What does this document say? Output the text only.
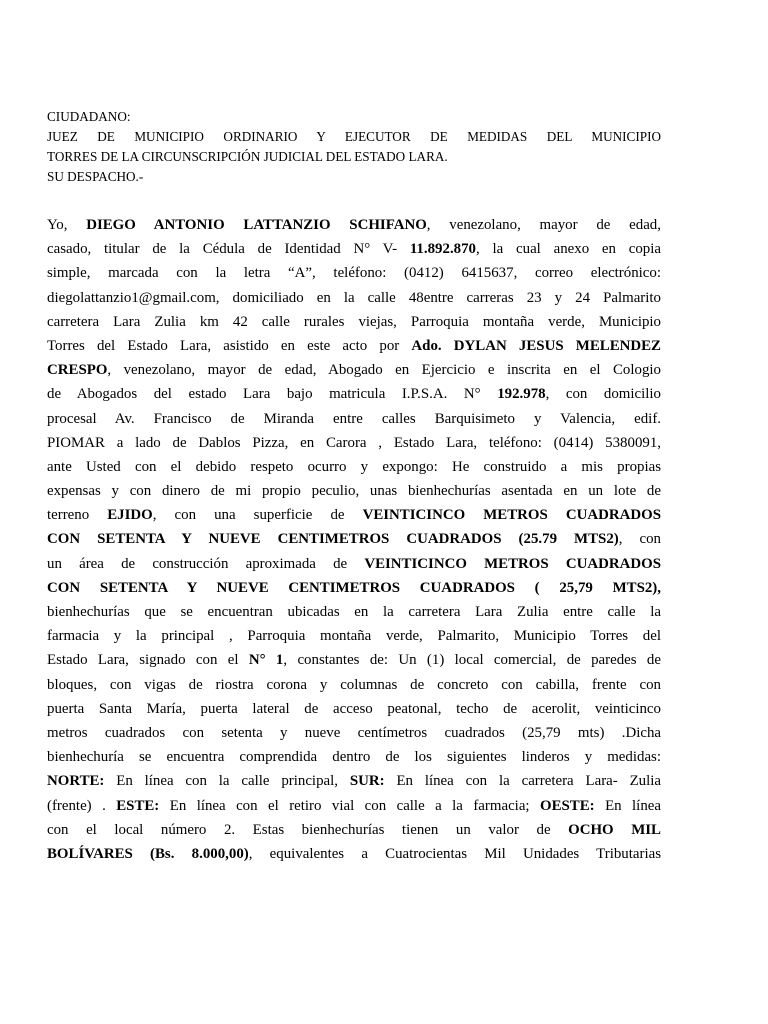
CIUDADANO:

JUEZ DE MUNICIPIO ORDINARIO Y EJECUTOR DE MEDIDAS DEL MUNICIPIO

TORRES DE LA CIRCUNSCRIPCIÓN JUDICIAL DEL ESTADO LARA.

SU DESPACHO.-

Yo, DIEGO ANTONIO LATTANZIO SCHIFANO, venezolano, mayor de edad,
casado, titular de la Cédula de Identidad N° V- 11.892.870, la cual anexo en copia
simple, marcada con la letra “A”, teléfono: (0412) 6415637, correo electrónico:
diegolattanzio1@gmail.com, domiciliado en la calle 48entre carreras 23 y 24 Palmarito
carretera Lara Zulia km 42 calle rurales viejas, Parroquia montaña verde, Municipio
Torres del Estado Lara, asistido en este acto por Ado. DYLAN JESUS MELENDEZ
CRESPO, venezolano, mayor de edad, Abogado en Ejercicio e inscrita en el Cologio
de Abogados del estado Lara bajo matricula I.P.S.A. N° 192.978, con domicilio
procesal Av. Francisco de Miranda entre calles Barquisimeto y Valencia, edif.
PIOMAR a lado de Dablos Pizza, en Carora , Estado Lara, teléfono: (0414) 5380091,
ante Usted con el debido respeto ocurro y expongo: He construido a mis propias
expensas y con dinero de mi propio peculio, unas bienhechurías asentada en un lote de
terreno EJIDO, con una superficie de VEINTICINCO METROS CUADRADOS
CON SETENTA Y NUEVE CENTIMETROS CUADRADOS (25.79 MTS2), con
un área de construcción aproximada de VEINTICINCO METROS CUADRADOS
CON SETENTA Y NUEVE CENTIMETROS CUADRADOS ( 25,79 MTS2),
bienhechurías que se encuentran ubicadas en la carretera Lara Zulia entre calle la
farmacia y la principal , Parroquia montaña verde, Palmarito, Municipio Torres del
Estado Lara, signado con el N° 1, constantes de: Un (1) local comercial, de paredes de
bloques, con vigas de riostra corona y columnas de concreto con cabilla, frente con
puerta Santa María, puerta lateral de acceso peatonal, techo de acerolit, veinticinco
metros cuadrados con setenta y nueve centímetros cuadrados (25,79 mts) .Dicha
bienhechuría se encuentra comprendida dentro de los siguientes linderos y medidas:
NORTE: En línea con la calle principal, SUR: En línea con la carretera Lara- Zulia
(frente) . ESTE: En línea con el retiro vial con calle a la farmacia; OESTE: En línea
con el local número 2. Estas bienhechurías tienen un valor de OCHO MIL
BOLÍVARES (Bs. 8.000,00), equivalentes a Cuatrocientas Mil Unidades Tributarias
